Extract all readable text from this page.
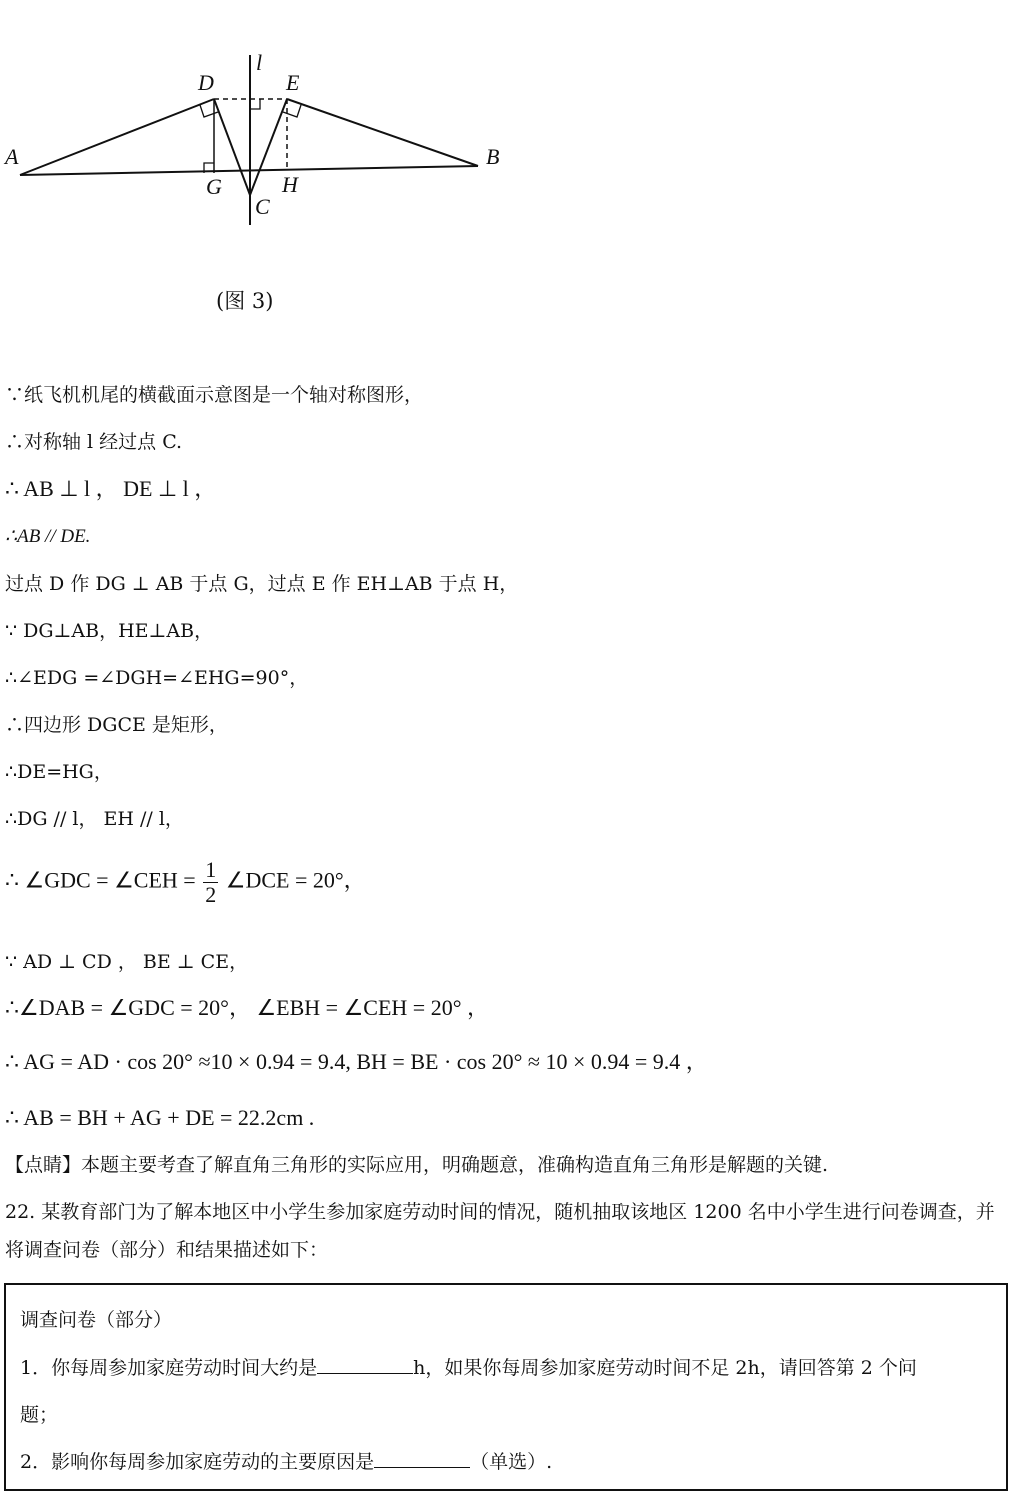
l
D	E
A	B
G	H
C
(图 3)
∵纸飞机机尾的横截面示意图是一个轴对称图形，
∴对称轴 l 经过点 C.
∴ AB ⊥ l ， DE ⊥ l ，
∴AB // DE.
过点 D 作 DG ⊥ AB 于点 G，过点 E 作 EH⊥AB 于点 H，
∵ DG⊥AB，HE⊥AB，
∴∠EDG =∠DGH=∠EHG=90°，
∴四边形 DGCE 是矩形，
∴DE=HG，
∴DG // l， EH // l，
∴ ∠GDC = ∠CEH = $\frac{1}{2}$ ∠DCE = 20°，
∵ AD ⊥ CD ， BE ⊥ CE，
∴∠DAB = ∠GDC = 20°， ∠EBH = ∠CEH = 20° ，
∴ AG = AD · cos 20° ≈10 × 0.94 = 9.4, BH = BE · cos 20° ≈ 10 × 0.94 = 9.4 ，
∴ AB = BH + AG + DE = 22.2cm .
【点睛】本题主要考查了解直角三角形的实际应用，明确题意，准确构造直角三角形是解题的关键.
22. 某教育部门为了解本地区中小学生参加家庭劳动时间的情况，随机抽取该地区 1200 名中小学生进行问卷调查，并将调查问卷（部分）和结果描述如下：
调查问卷（部分）
1．你每周参加家庭劳动时间大约是	h，如果你每周参加家庭劳动时间不足 2h，请回答第 2 个问
题；
2．影响你每周参加家庭劳动的主要原因是	（单选）.
